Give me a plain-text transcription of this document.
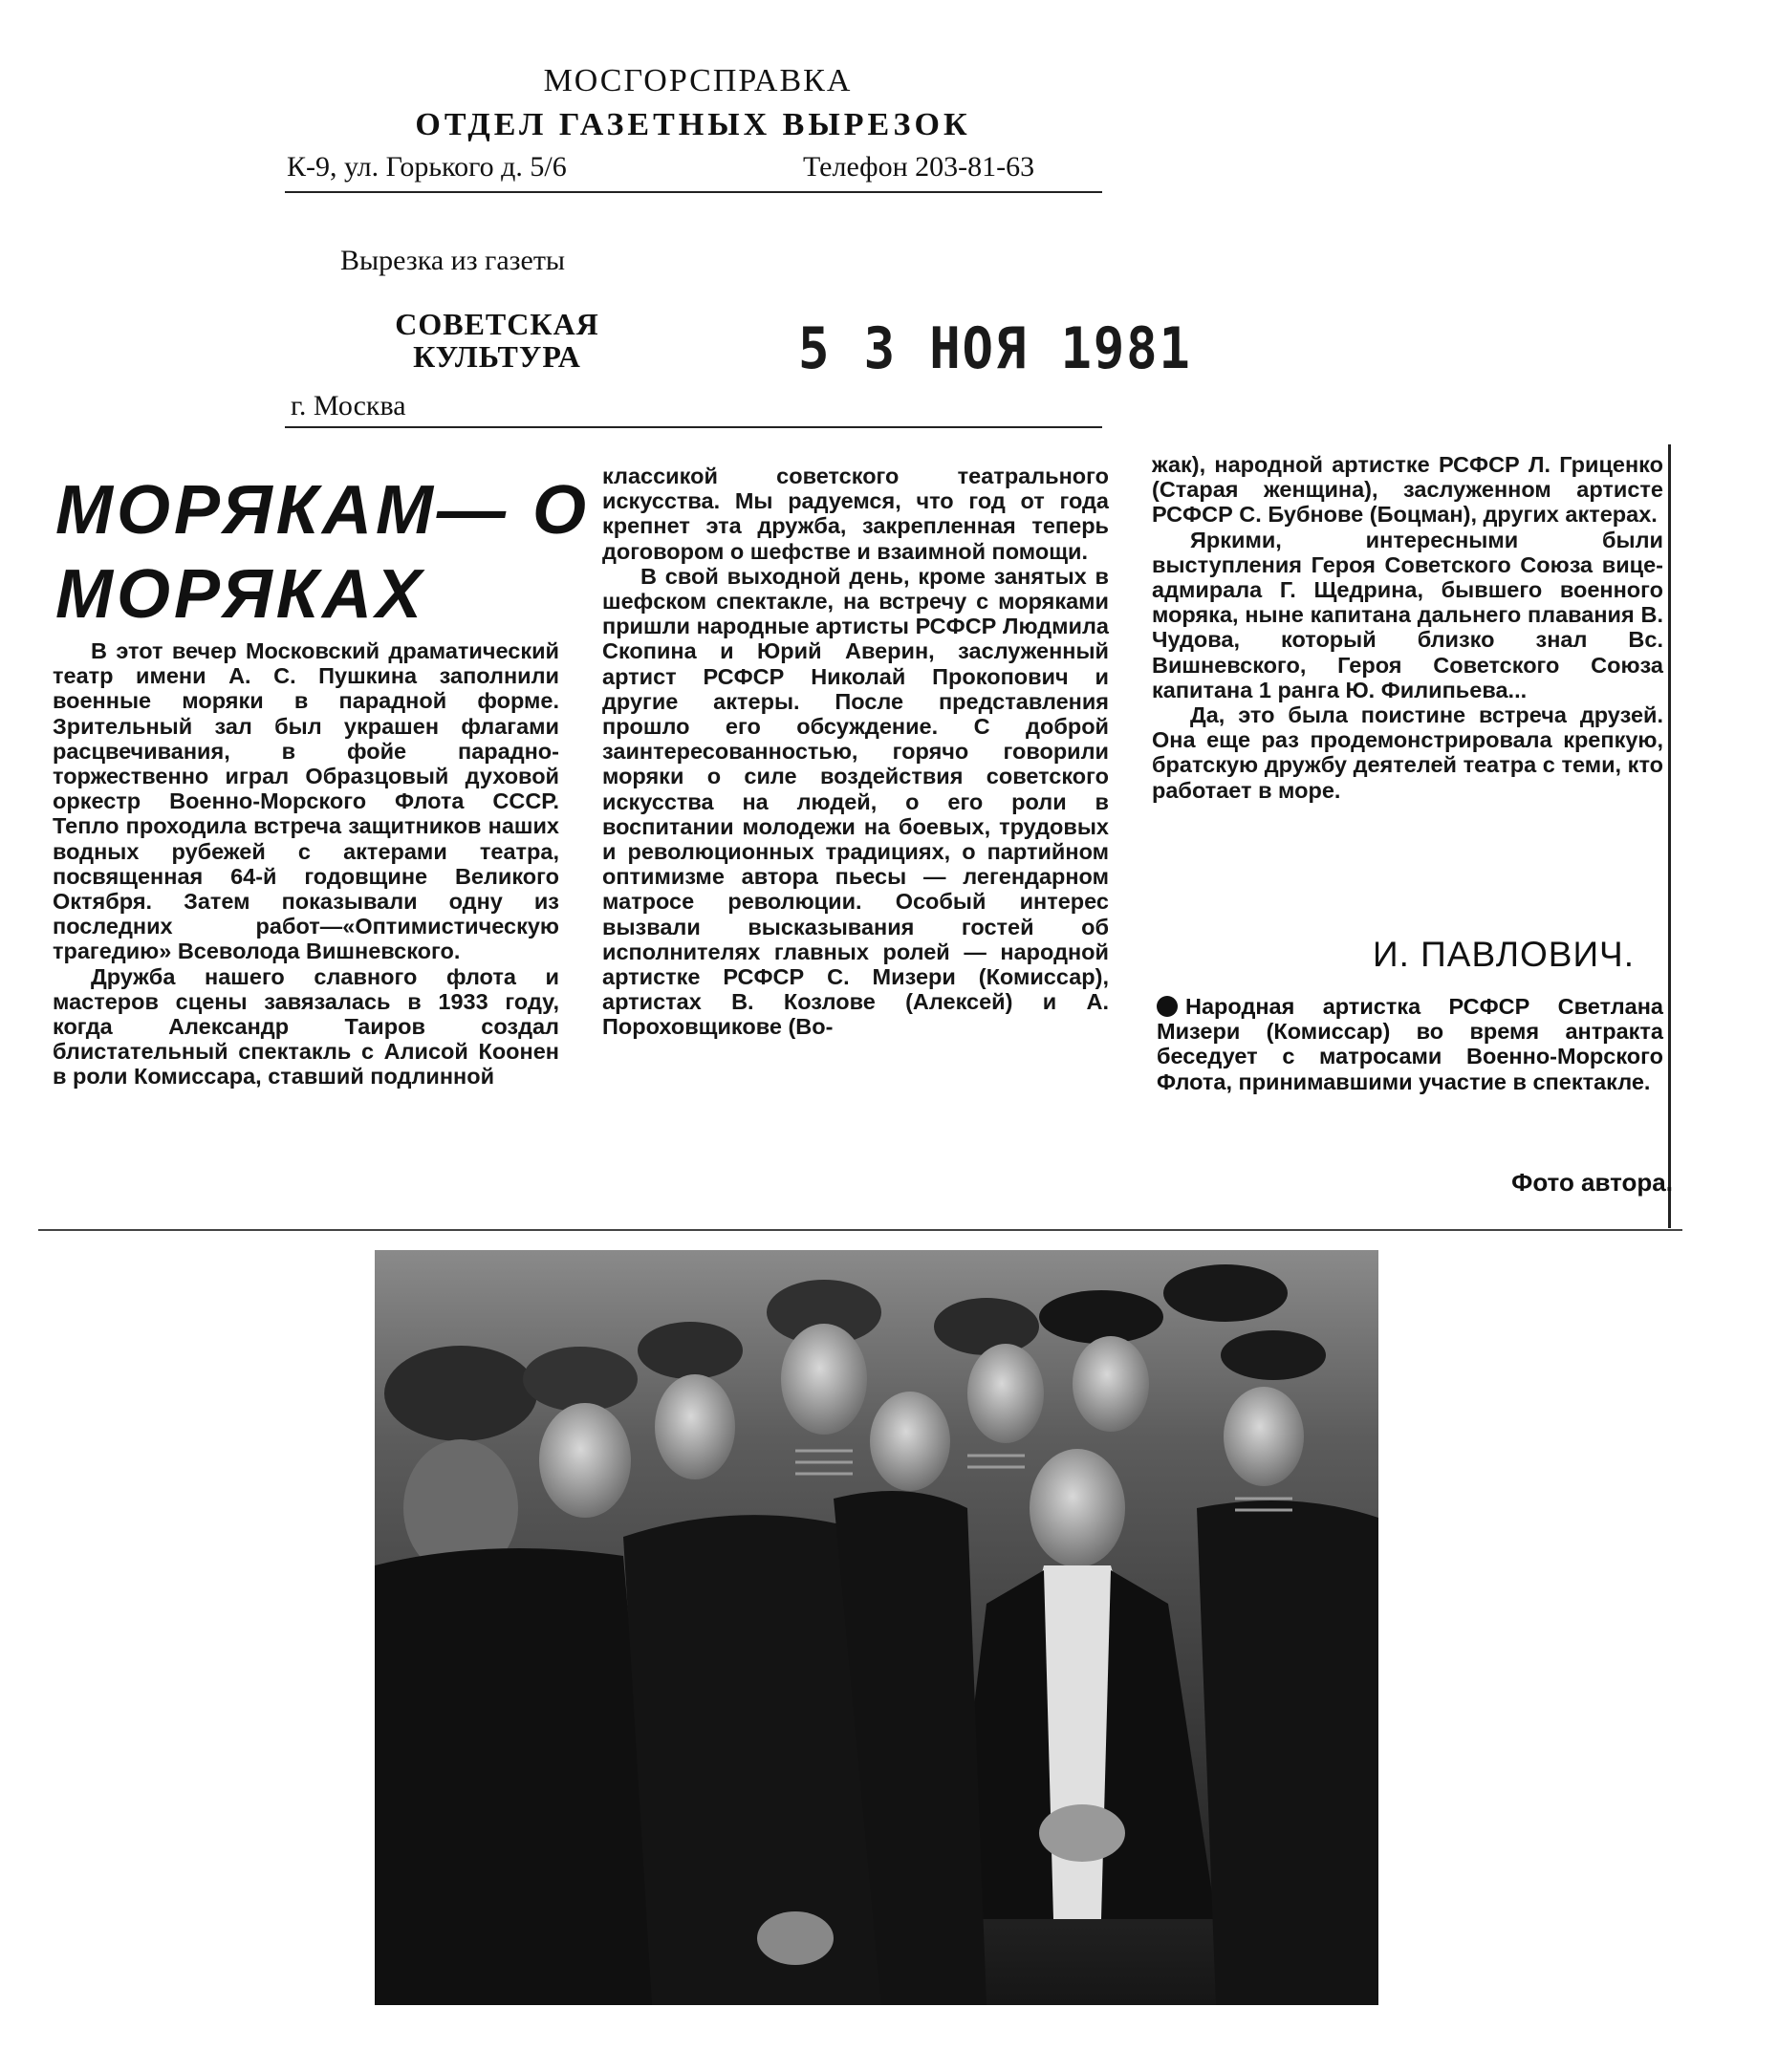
МОСГОРСПРАВКА
ОТДЕЛ ГАЗЕТНЫХ ВЫРЕЗОК
К-9, ул. Горького д. 5/6	Телефон 203-81-63
Вырезка из газеты
СОВЕТСКАЯ КУЛЬТУРА	5 3 НОЯ 1981
г. Москва
МОРЯКАМ— О МОРЯКАХ

В этот вечер Московский драматический театр имени А. С. Пушкина заполнили военные моряки в парадной форме. Зрительный зал был украшен флагами расцвечивания, в фойе парадно-торжественно играл Образцовый духовой оркестр Военно-Морского Флота СССР. Тепло проходила встреча защитников наших водных рубежей с актерами театра, посвященная 64-й годовщине Великого Октября. Затем показывали одну из последних работ—«Оптимистическую трагедию» Всеволода Вишневского.

Дружба нашего славного флота и мастеров сцены завязалась в 1933 году, когда Александр Таиров создал блистательный спектакль с Алисой Коонен в роли Комиссара, ставший подлинной

классикой советского театрального искусства. Мы радуемся, что год от года крепнет эта дружба, закрепленная теперь договором о шефстве и взаимной помощи.

В свой выходной день, кроме занятых в шефском спектакле, на встречу с моряками пришли народные артисты РСФСР Людмила Скопина и Юрий Аверин, заслуженный артист РСФСР Николай Прокопович и другие актеры. После представления прошло его обсуждение. С доброй заинтересованностью, горячо говорили моряки о силе воздействия советского искусства на людей, о его роли в воспитании молодежи на боевых, трудовых и революционных традициях, о партийном оптимизме автора пьесы — легендарном матросе революции. Особый интерес вызвали высказывания гостей об исполнителях главных ролей — народной артистке РСФСР С. Мизери (Комиссар), артистах В. Козлове (Алексей) и А. Пороховщикове (Во-

жак), народной артистке РСФСР Л. Гриценко (Старая женщина), заслуженном артисте РСФСР С. Бубнове (Боцман), других актерах.

Яркими, интересными были выступления Героя Советского Союза вице-адмирала Г. Щедрина, бывшего военного моряка, ныне капитана дальнего плавания В. Чудова, который близко знал Вс. Вишневского, Героя Советского Союза капитана 1 ранга Ю. Филипьева...

Да, это была поистине встреча друзей. Она еще раз продемонстрировала крепкую, братскую дружбу деятелей театра с теми, кто работает в море.

И. ПАВЛОВИЧ.
Народная артистка РСФСР Светлана Мизери (Комиссар) во время антракта беседует с матросами Военно-Морского Флота, принимавшими участие в спектакле.
Фото автора.
